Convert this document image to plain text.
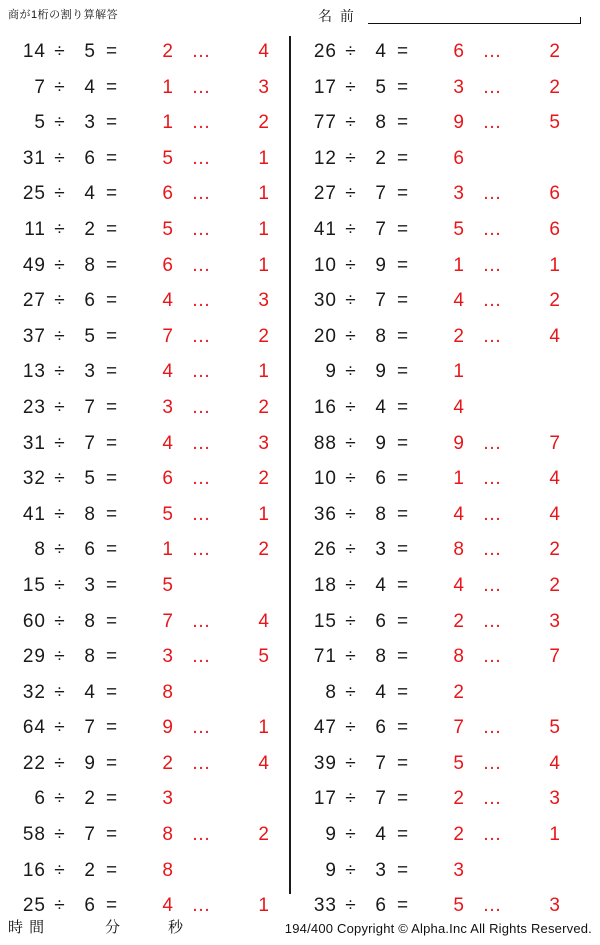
商が1桁の割り算解答	名 前
14 ÷ 5 =	2 …	4
7 ÷ 4 =	1 …	3
5 ÷ 3 =	1 …	2
31 ÷ 6 =	5 …	1
25 ÷ 4 =	6 …	1
11 ÷ 2 =	5 …	1
49 ÷ 8 =	6 …	1
27 ÷ 6 =	4 …	3
37 ÷ 5 =	7 …	2
13 ÷ 3 =	4 …	1
23 ÷ 7 =	3 …	2
31 ÷ 7 =	4 …	3
32 ÷ 5 =	6 …	2
41 ÷ 8 =	5 …	1
8 ÷ 6 =	1 …	2
15 ÷ 3 =	5
60 ÷ 8 =	7 …	4
29 ÷ 8 =	3 …	5
32 ÷ 4 =	8
64 ÷ 7 =	9 …	1
22 ÷ 9 =	2 …	4
6 ÷ 2 =	3
58 ÷ 7 =	8 …	2
16 ÷ 2 =	8
25 ÷ 6 =	4 …	1
26 ÷ 4 =	6 …	2
17 ÷ 5 =	3 …	2
77 ÷ 8 =	9 …	5
12 ÷ 2 =	6
27 ÷ 7 =	3 …	6
41 ÷ 7 =	5 …	6
10 ÷ 9 =	1 …	1
30 ÷ 7 =	4 …	2
20 ÷ 8 =	2 …	4
9 ÷ 9 =	1
16 ÷ 4 =	4
88 ÷ 9 =	9 …	7
10 ÷ 6 =	1 …	4
36 ÷ 8 =	4 …	4
26 ÷ 3 =	8 …	2
18 ÷ 4 =	4 …	2
15 ÷ 6 =	2 …	3
71 ÷ 8 =	8 …	7
8 ÷ 4 =	2
47 ÷ 6 =	7 …	5
39 ÷ 7 =	5 …	4
17 ÷ 7 =	2 …	3
9 ÷ 4 =	2 …	1
9 ÷ 3 =	3
33 ÷ 6 =	5 …	3
時 間	分	秒	194/400 Copyright © Alpha.Inc All Rights Reserved.
